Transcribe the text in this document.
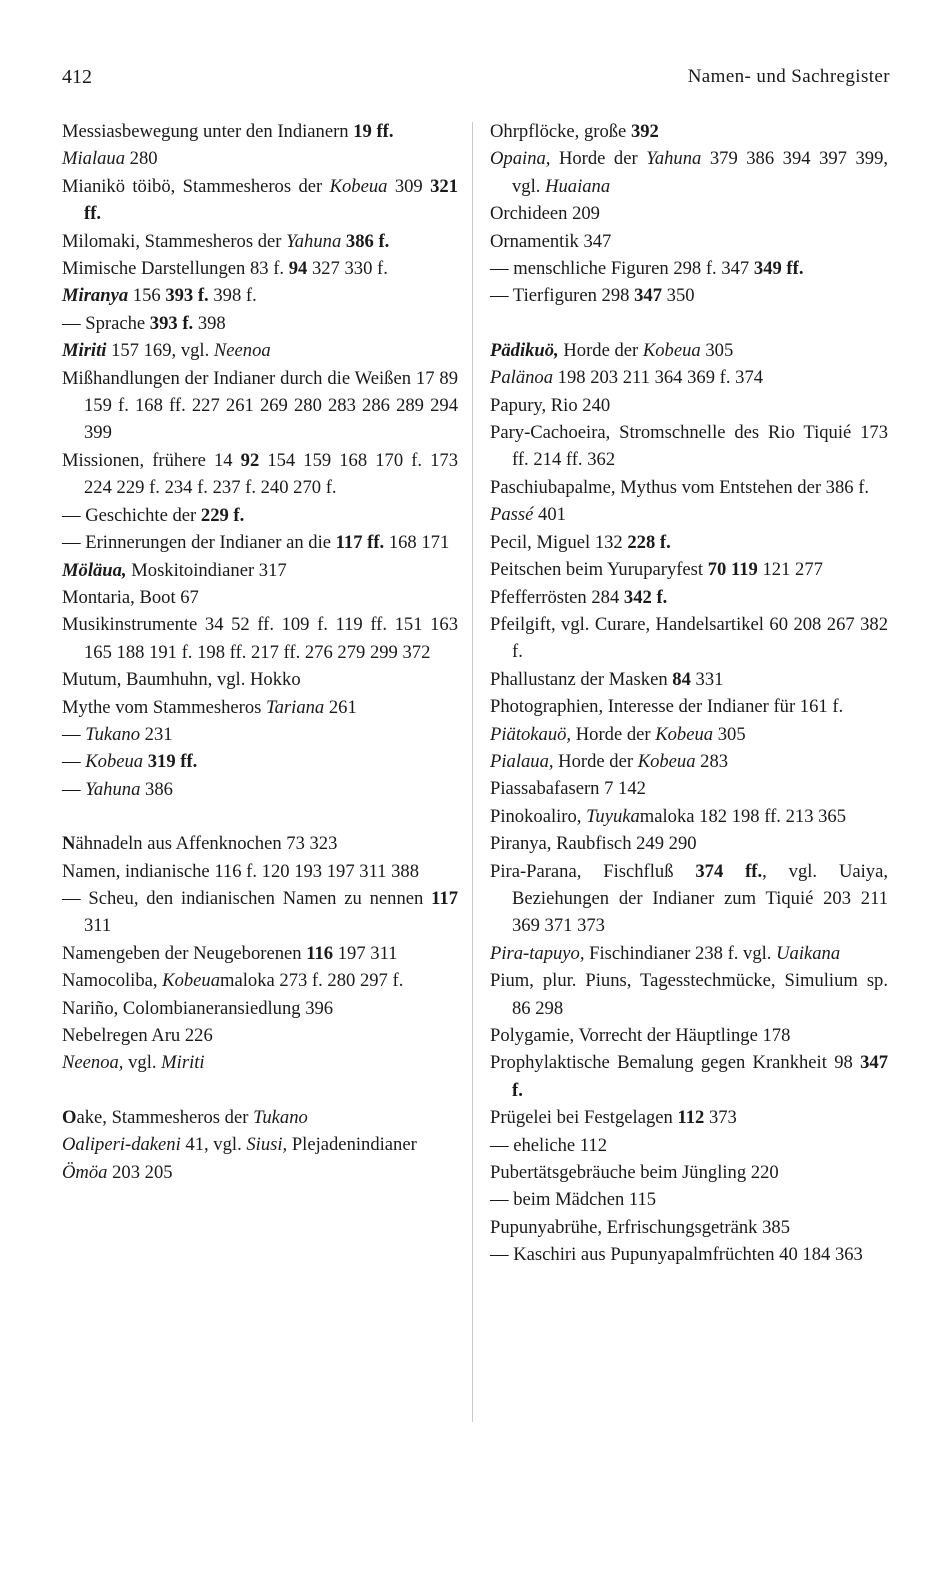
412	Namen- und Sachregister
Messiasbewegung unter den Indianern 19 ff.
Mialaua 280
Mianikö töibö, Stammesheros der Kobeua 309 321 ff.
Milomaki, Stammesheros der Yahuna 386 f.
Mimische Darstellungen 83 f. 94 327 330 f.
Miranya 156 393 f. 398 f.
— Sprache 393 f. 398
Miriti 157 169, vgl. Neenoa
Mißhandlungen der Indianer durch die Weißen 17 89 159 f. 168 ff. 227 261 269 280 283 286 289 294 399
Missionen, frühere 14 92 154 159 168 170 f. 173 224 229 f. 234 f. 237 f. 240 270 f.
— Geschichte der 229 f.
— Erinnerungen der Indianer an die 117 ff. 168 171
Möläua, Moskitoindianer 317
Montaria, Boot 67
Musikinstrumente 34 52 ff. 109 f. 119 ff. 151 163 165 188 191 f. 198 ff. 217 ff. 276 279 299 372
Mutum, Baumhuhn, vgl. Hokko
Mythe vom Stammesheros Tariana 261
— Tukano 231
— Kobeua 319 ff.
— Yahuna 386
Nähnadeln aus Affenknochen 73 323
Namen, indianische 116 f. 120 193 197 311 388
— Scheu, den indianischen Namen zu nennen 117 311
Namengeben der Neugeborenen 116 197 311
Namocoliba, Kobeuamaloka 273 f. 280 297 f.
Nariño, Colombianeransiedlung 396
Nebelregen Aru 226
Neenoa, vgl. Miriti
Oake, Stammesheros der Tukano
Oaliperi-dakeni 41, vgl. Siusi, Plejadenindianer
Ömöa 203 205
Ohrpflöcke, große 392
Opaina, Horde der Yahuna 379 386 394 397 399, vgl. Huaiana
Orchideen 209
Ornamentik 347
— menschliche Figuren 298 f. 347 349 ff.
— Tierfiguren 298 347 350
Pädikuö, Horde der Kobeua 305
Palänoa 198 203 211 364 369 f. 374
Papury, Rio 240
Pary-Cachoeira, Stromschnelle des Rio Tiquié 173 ff. 214 ff. 362
Paschiubapalme, Mythus vom Entstehen der 386 f.
Passé 401
Pecil, Miguel 132 228 f.
Peitschen beim Yuruparyfest 70 119 121 277
Pfefferrösten 284 342 f.
Pfeilgift, vgl. Curare, Handelsartikel 60 208 267 382 f.
Phallustanz der Masken 84 331
Photographien, Interesse der Indianer für 161 f.
Piätokauö, Horde der Kobeua 305
Pialaua, Horde der Kobeua 283
Piassabafasern 7 142
Pinokoaliro, Tuyukamaloka 182 198 ff. 213 365
Piranya, Raubfisch 249 290
Pira-Parana, Fischfluß 374 ff., vgl. Uaiya, Beziehungen der Indianer zum Tiquié 203 211 369 371 373
Pira-tapuyo, Fischindianer 238 f. vgl. Uaikana
Pium, plur. Piuns, Tagesstechmücke, Simulium sp. 86 298
Polygamie, Vorrecht der Häuptlinge 178
Prophylaktische Bemalung gegen Krankheit 98 347 f.
Prügelei bei Festgelagen 112 373
— eheliche 112
Pubertätsgebräuche beim Jüngling 220
— beim Mädchen 115
Pupunyabrühe, Erfrischungsgetränk 385
— Kaschiri aus Pupunyapalmfrüchten 40 184 363
